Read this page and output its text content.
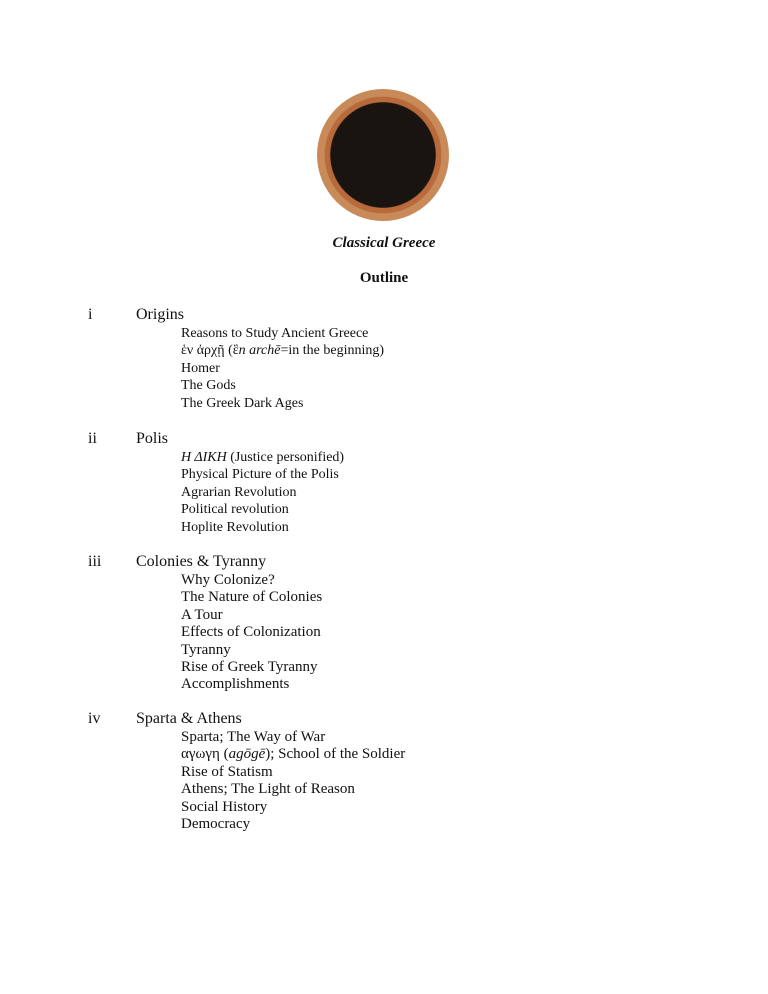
Classical Greece
Outline
i	Origins
Reasons to Study Ancient Greece
ἑν ἀρχῇ (ἓn archē=in the beginning)
Homer
The Gods
The Greek Dark Ages
ii Polis
Η ΔΙΚΗ (Justice personified)
Physical Picture of the Polis
Agrarian Revolution
Political revolution
Hoplite Revolution
iii Colonies & Tyranny
Why Colonize?
The Nature of Colonies
A Tour
Effects of Colonization
Tyranny
Rise of Greek Tyranny
Accomplishments
iv Sparta & Athens
Sparta; The Way of War
αγωγη (agōgē); School of the Soldier
Rise of Statism
Athens; The Light of Reason
Social History
Democracy
